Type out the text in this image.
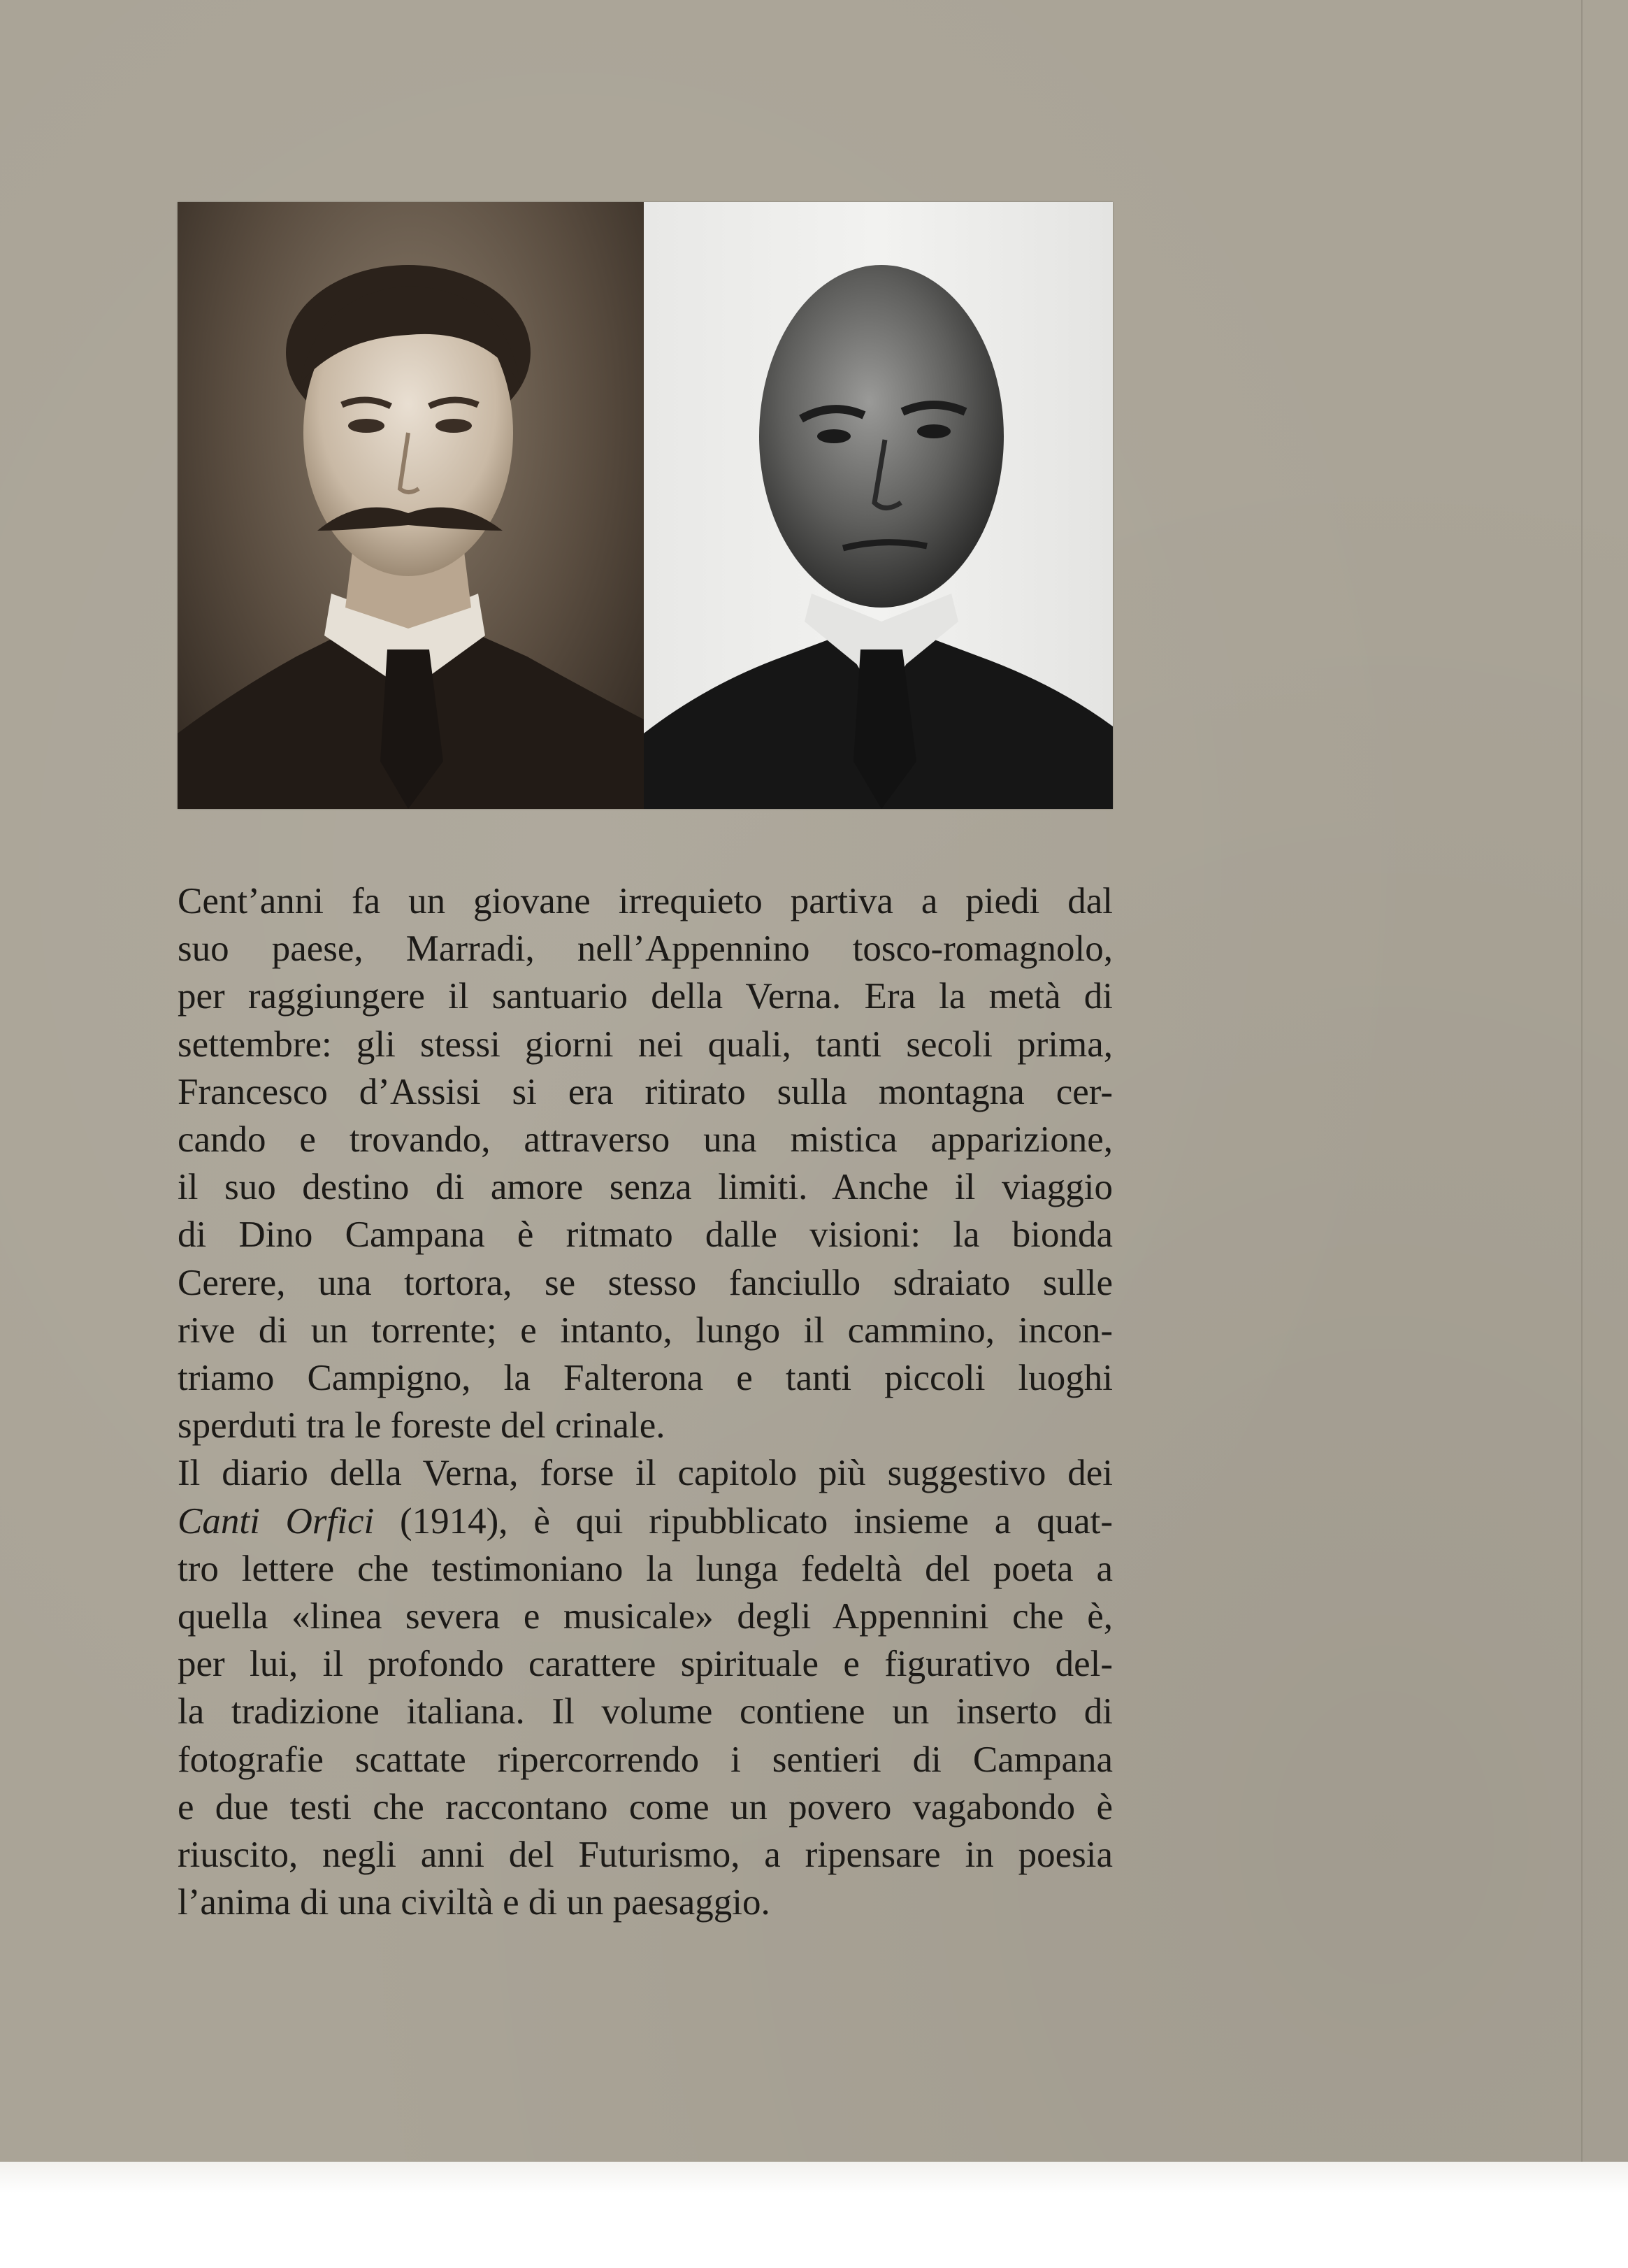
Cent’anni fa un giovane irrequieto partiva a piedi dal
suo paese, Marradi, nell’Appennino tosco-romagnolo,
per raggiungere il santuario della Verna. Era la metà di
settembre: gli stessi giorni nei quali, tanti secoli prima,
Francesco d’Assisi si era ritirato sulla montagna cer-
cando e trovando, attraverso una mistica apparizione,
il suo destino di amore senza limiti. Anche il viaggio
di Dino Campana è ritmato dalle visioni: la bionda
Cerere, una tortora, se stesso fanciullo sdraiato sulle
rive di un torrente; e intanto, lungo il cammino, incon-
triamo Campigno, la Falterona e tanti piccoli luoghi
sperduti tra le foreste del crinale.

Il diario della Verna, forse il capitolo più suggestivo dei
Canti Orfici (1914), è qui ripubblicato insieme a quat-
tro lettere che testimoniano la lunga fedeltà del poeta a
quella «linea severa e musicale» degli Appennini che è,
per lui, il profondo carattere spirituale e figurativo del-
la tradizione italiana. Il volume contiene un inserto di
fotografie scattate ripercorrendo i sentieri di Campana
e due testi che raccontano come un povero vagabondo è
riuscito, negli anni del Futurismo, a ripensare in poesia
l’anima di una civiltà e di un paesaggio.
